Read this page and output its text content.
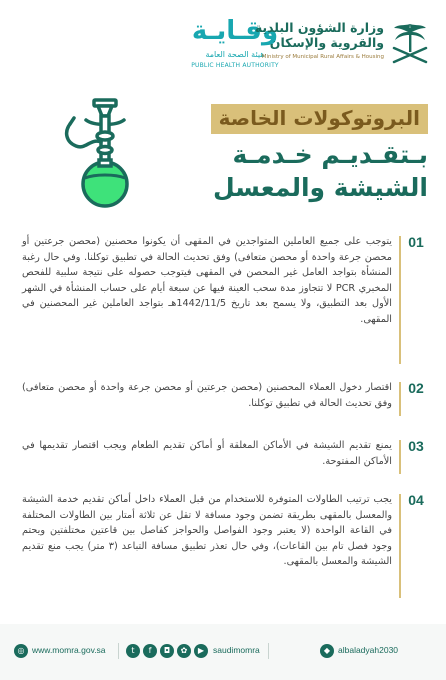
وقـايـة
هيئة الصحة العامة
PUBLIC HEALTH AUTHORITY
وزارة الشؤون البلدية
والقروية والإسكان
Ministry of Municipal Rural Affairs & Housing
البروتوكولات الخاصة
بـتقـديـم خـدمـة
الشيشة والمعسل
01
يتوجب على جميع العاملين المتواجدين في المقهى أن يكونوا محصنين (محصن جرعتين أو محصن جرعة واحدة أو محصن متعافى) وفق تحديث الحالة في تطبيق توكلنا. وفي حال رغبة المنشأة بتواجد العامل غير المحصن في المقهى فيتوجب حصوله على نتيجة سلبية للفحص المخبري PCR لا تتجاوز مدة سحب العينة فيها عن سبعة أيام على حساب المنشأة في الشهر الأول بعد التطبيق، ولا يسمح بعد تاريخ 1442/11/5هـ بتواجد العاملين غير المحصنين في المقهى.
02
اقتصار دخول العملاء المحصنين (محصن جرعتين أو محصن جرعة واحدة أو محصن متعافى) وفق تحديث الحالة في تطبيق توكلنا.
03
يمنع تقديم الشيشة في الأماكن المغلقة أو أماكن تقديم الطعام ويجب اقتصار تقديمها في الأماكن المفتوحة.
04
يجب ترتيب الطاولات المتوفرة للاستخدام من قبل العملاء داخل أماكن تقديم خدمة الشيشة والمعسل بالمقهى بطريقة تضمن وجود مسافة لا تقل عن ثلاثة أمتار بين الطاولات المختلفة في القاعة الواحدة (لا يعتبر وجود الفواصل والحواجز كفاصل بين قاعتين مختلفتين ويحتم وجود فصل تام بين القاعات)، وفي حال تعذر تطبيق مسافة التباعد (٣ متر) يجب منع تقديم الشيشة والمعسل بالمقهى.
◎ www.momra.gov.sa	t	f	◘	✿	▶	saudimomra	◆ albaladyah2030
